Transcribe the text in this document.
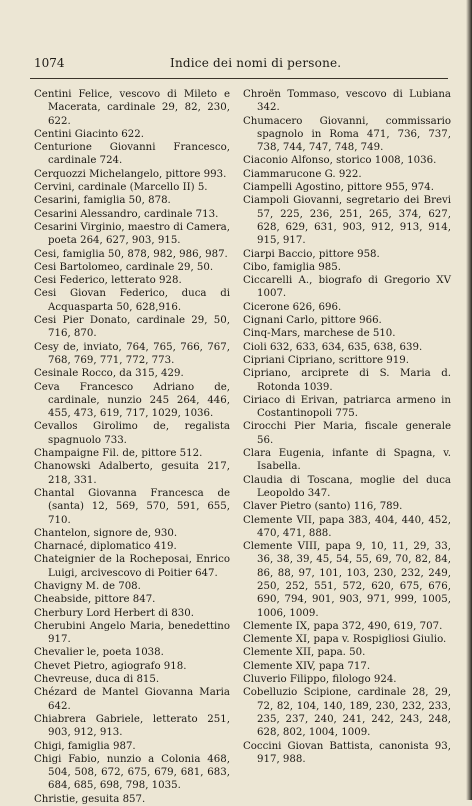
1074	Indice dei nomi di persone.

Centini Felice, vescovo di Mileto e Macerata, cardinale 29, 82, 230, 622.

Centini Giacinto 622.

Centurione Giovanni Francesco, cardinale 724.

Cerquozzi Michelangelo, pittore 993.

Cervini, cardinale (Marcello II) 5.

Cesarini, famiglia 50, 878.

Cesarini Alessandro, cardinale 713.

Cesarini Virginio, maestro di Camera, poeta 264, 627, 903, 915.

Cesi, famiglia 50, 878, 982, 986, 987.

Cesi Bartolomeo, cardinale 29, 50.

Cesi Federico, letterato 928.

Cesi Giovan Federico, duca di Acquasparta 50, 628,916.

Cesi Pier Donato, cardinale 29, 50, 716, 870.

Cesy de, inviato, 764, 765, 766, 767, 768, 769, 771, 772, 773.

Cesinale Rocco, da 315, 429.

Ceva Francesco Adriano de, cardinale, nunzio 245 264, 446, 455, 473, 619, 717, 1029, 1036.

Cevallos Girolimo de, regalista spagnuolo 733.

Champaigne Fil. de, pittore 512.

Chanowski Adalberto, gesuita 217, 218, 331.

Chantal Giovanna Francesca de (santa) 12, 569, 570, 591, 655, 710.

Chantelon, signore de, 930.

Charnacé, diplomatico 419.

Chateignier de la Rocheposai, Enrico Luigi, arcivescovo di Poitier 647.

Chavigny M. de 708.

Cheabside, pittore 847.

Cherbury Lord Herbert di 830.

Cherubini Angelo Maria, benedettino 917.

Chevalier le, poeta 1038.

Chevet Pietro, agiografo 918.

Chevreuse, duca di 815.

Chézard de Mantel Giovanna Maria 642.

Chiabrera Gabriele, letterato 251, 903, 912, 913.

Chigi, famiglia 987.

Chigi Fabio, nunzio a Colonia 468, 504, 508, 672, 675, 679, 681, 683, 684, 685, 698, 798, 1035.

Christie, gesuita 857.

Chroën Tommaso, vescovo di Lubiana 342.

Chumacero Giovanni, commissario spagnolo in Roma 471, 736, 737, 738, 744, 747, 748, 749.

Ciaconio Alfonso, storico 1008, 1036.

Ciammarucone G. 922.

Ciampelli Agostino, pittore 955, 974.

Ciampoli Giovanni, segretario dei Brevi 57, 225, 236, 251, 265, 374, 627, 628, 629, 631, 903, 912, 913, 914, 915, 917.

Ciarpi Baccio, pittore 958.

Cibo, famiglia 985.

Ciccarelli A., biografo di Gregorio XV 1007.

Cicerone 626, 696.

Cignani Carlo, pittore 966.

Cinq-Mars, marchese de 510.

Cioli 632, 633, 634, 635, 638, 639.

Cipriani Cipriano, scrittore 919.

Cipriano, arciprete di S. Maria d. Rotonda 1039.

Ciriaco di Erivan, patriarca armeno in Costantinopoli 775.

Cirocchi Pier Maria, fiscale generale 56.

Clara Eugenia, infante di Spagna, v. Isabella.

Claudia di Toscana, moglie del duca Leopoldo 347.

Claver Pietro (santo) 116, 789.

Clemente VII, papa 383, 404, 440, 452, 470, 471, 888.

Clemente VIII, papa 9, 10, 11, 29, 33, 36, 38, 39, 45, 54, 55, 69, 70, 82, 84, 86, 88, 97, 101, 103, 230, 232, 249, 250, 252, 551, 572, 620, 675, 676, 690, 794, 901, 903, 971, 999, 1005, 1006, 1009.

Clemente IX, papa 372, 490, 619, 707.

Clemente XI, papa v. Rospigliosi Giulio.

Clemente XII, papa. 50.

Clemente XIV, papa 717.

Cluverio Filippo, filologo 924.

Cobelluzio Scipione, cardinale 28, 29, 72, 82, 104, 140, 189, 230, 232, 233, 235, 237, 240, 241, 242, 243, 248, 628, 802, 1004, 1009.

Coccini Giovan Battista, canonista 93, 917, 988.
